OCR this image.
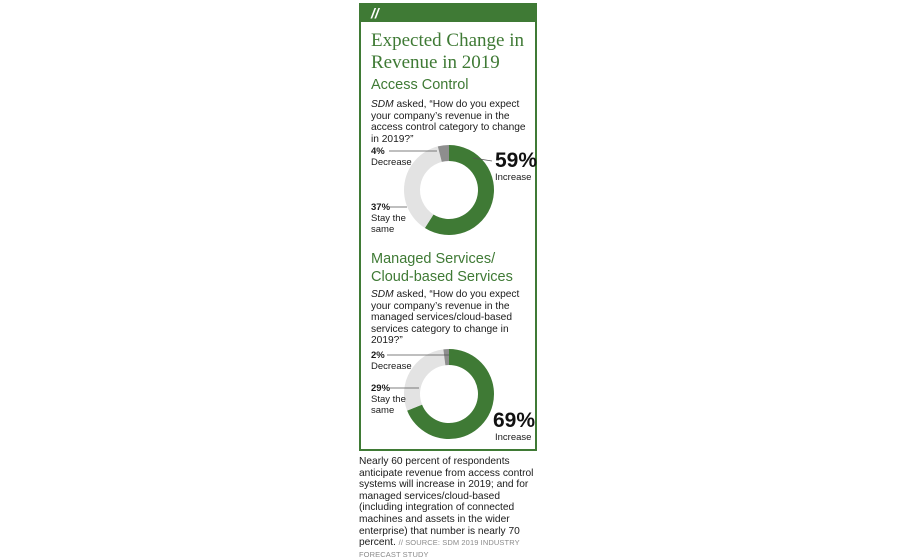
//
Expected Change in Revenue in 2019
Access Control
SDM asked, “How do you expect your company’s revenue in the access control category to change in 2019?”
4%
Decrease	59%
Increase
37%
Stay the
same
Managed Services/
Cloud-based Services
SDM asked, “How do you expect your company’s revenue in the managed services/cloud-based services category to change in 2019?”
2%
Decrease
29%
Stay the
same	69%
Increase
Nearly 60 percent of respondents anticipate revenue from access control systems will increase in 2019; and for managed services/cloud-based (including integration of connected machines and assets in the wider enterprise) that number is nearly 70 percent. // SOURCE: SDM 2019 INDUSTRY FORECAST STUDY
